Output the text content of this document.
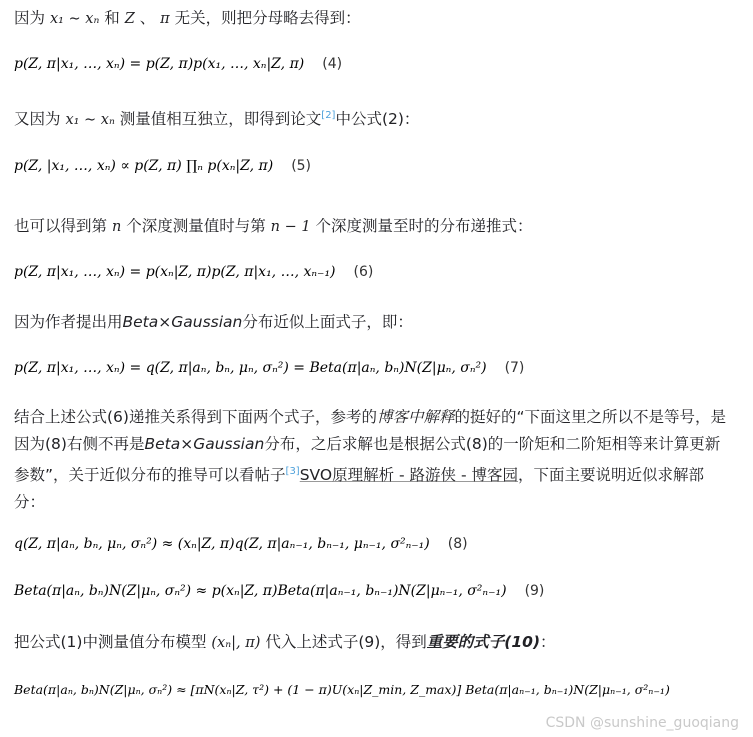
因为 x₁ ∼ xₙ 和 Z 、 π 无关，则把分母略去得到：
p(Z, π|x₁, …, xₙ) = p(Z, π)p(x₁, …, xₙ|Z, π) (4)
又因为 x₁ ∼ xₙ 测量值相互独立，即得到论文[2]中公式(2)：
p(Z, |x₁, …, xₙ) ∝ p(Z, π) ∏ₙ p(xₙ|Z, π) (5)
也可以得到第 n 个深度测量值时与第 n − 1 个深度测量至时的分布递推式：
p(Z, π|x₁, …, xₙ) = p(xₙ|Z, π)p(Z, π|x₁, …, xₙ₋₁) (6)
因为作者提出用Beta×Gaussian分布近似上面式子，即：
p(Z, π|x₁, …, xₙ) = q(Z, π|aₙ, bₙ, μₙ, σₙ²) = Beta(π|aₙ, bₙ)N(Z|μₙ, σₙ²) (7)
结合上述公式(6)递推关系得到下面两个式子，参考的博客中解释的挺好的“下面这里之所以不是等号，是因为(8)右侧不再是Beta×Gaussian分布，之后求解也是根据公式(8)的一阶矩和二阶矩相等来计算更新参数”，关于近似分布的推导可以看帖子[3]SVO原理解析 - 路游侠 - 博客园，下面主要说明近似求解部分：
q(Z, π|aₙ, bₙ, μₙ, σₙ²) ≈ (xₙ|Z, π)q(Z, π|aₙ₋₁, bₙ₋₁, μₙ₋₁, σ²ₙ₋₁) (8)
Beta(π|aₙ, bₙ)N(Z|μₙ, σₙ²) ≈ p(xₙ|Z, π)Beta(π|aₙ₋₁, bₙ₋₁)N(Z|μₙ₋₁, σ²ₙ₋₁) (9)
把公式(1)中测量值分布模型 (xₙ|, π) 代入上述式子(9)，得到重要的式子(10)：
Beta(π|aₙ, bₙ)N(Z|μₙ, σₙ²) ≈ [πN(xₙ|Z, τ²) + (1 − π)U(xₙ|Z_min, Z_max)] Beta(π|aₙ₋₁, bₙ₋₁)N(Z|μₙ₋₁, σ²ₙ₋₁)
CSDN @sunshine_guoqiang
